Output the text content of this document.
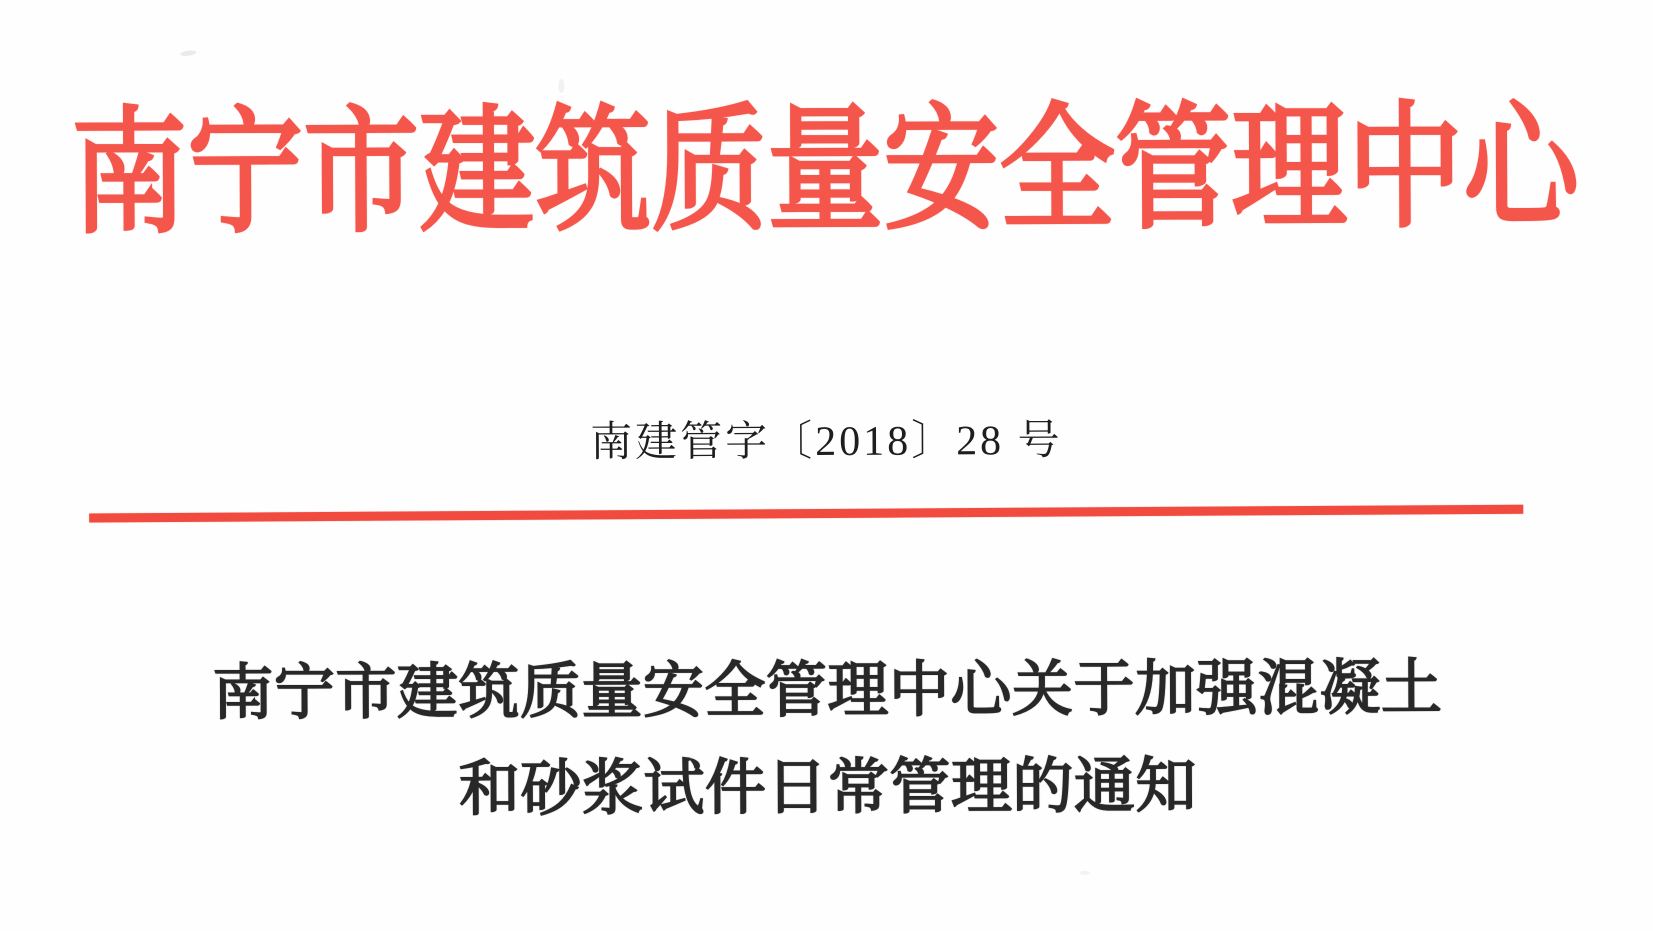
南宁市建筑质量安全管理中心
南建管字〔2018〕28 号
南宁市建筑质量安全管理中心关于加强混凝土
和砂浆试件日常管理的通知
